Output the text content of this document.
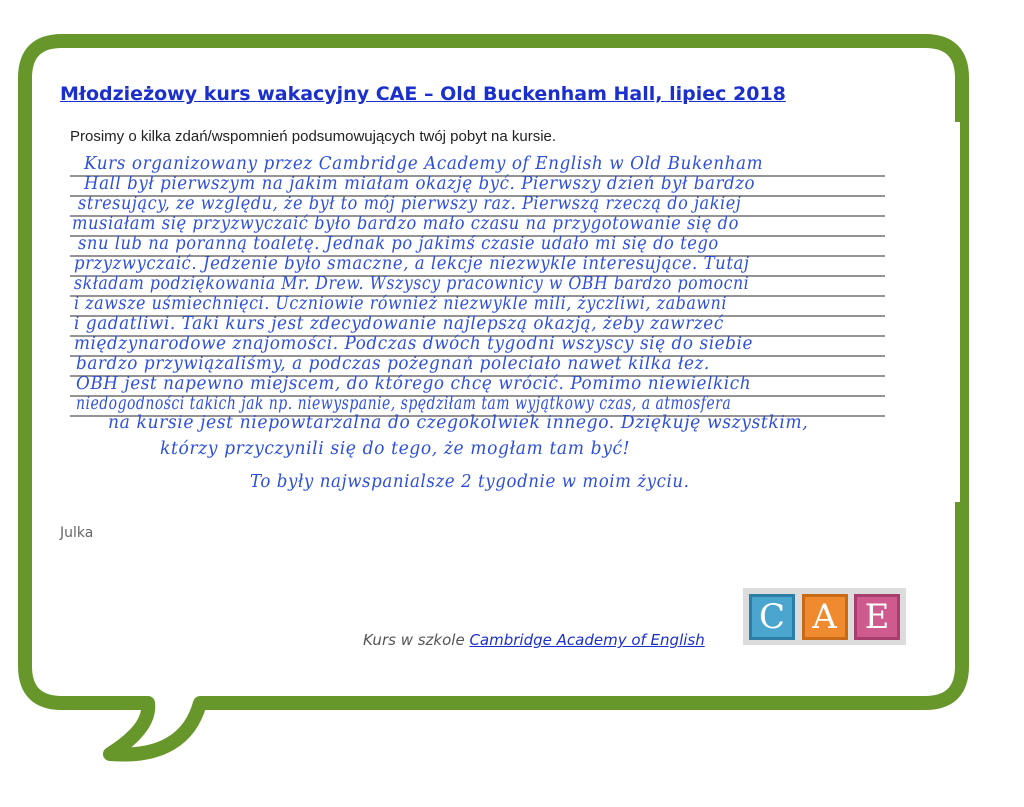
Młodzieżowy kurs wakacyjny CAE – Old Buckenham Hall, lipiec 2018
Prosimy o kilka zdań/wspomnień podsumowujących twój pobyt na kursie.
Kurs organizowany przez Cambridge Academy of English w Old Bukenham
Hall był pierwszym na jakim miałam okazję być. Pierwszy dzień był bardzo
stresujący, ze względu, że był to mój pierwszy raz. Pierwszą rzeczą do jakiej
musiałam się przyzwyczaić było bardzo mało czasu na przygotowanie się do
snu lub na poranną toaletę. Jednak po jakimś czasie udało mi się do tego
przyzwyczaić. Jedzenie było smaczne, a lekcje niezwykle interesujące. Tutaj
składam podziękowania Mr. Drew. Wszyscy pracownicy w OBH bardzo pomocni
i zawsze uśmiechnięci. Uczniowie również niezwykle mili, życzliwi, zabawni
i gadatliwi. Taki kurs jest zdecydowanie najlepszą okazją, żeby zawrzeć
międzynarodowe znajomości. Podczas dwóch tygodni wszyscy się do siebie
bardzo przywiązaliśmy, a podczas pożegnań poleciało nawet kilka łez.
OBH jest napewno miejscem, do którego chcę wrócić. Pomimo niewielkich
niedogodności takich jak np. niewyspanie, spędziłam tam wyjątkowy czas, a atmosfera
na kursie jest niepowtarzalna do czegokolwiek innego. Dziękuję wszystkim,
którzy przyczynili się do tego, że mogłam tam być!
To były najwspanialsze 2 tygodnie w moim życiu.
Julka
Kurs w szkole Cambridge Academy of English
C A E
